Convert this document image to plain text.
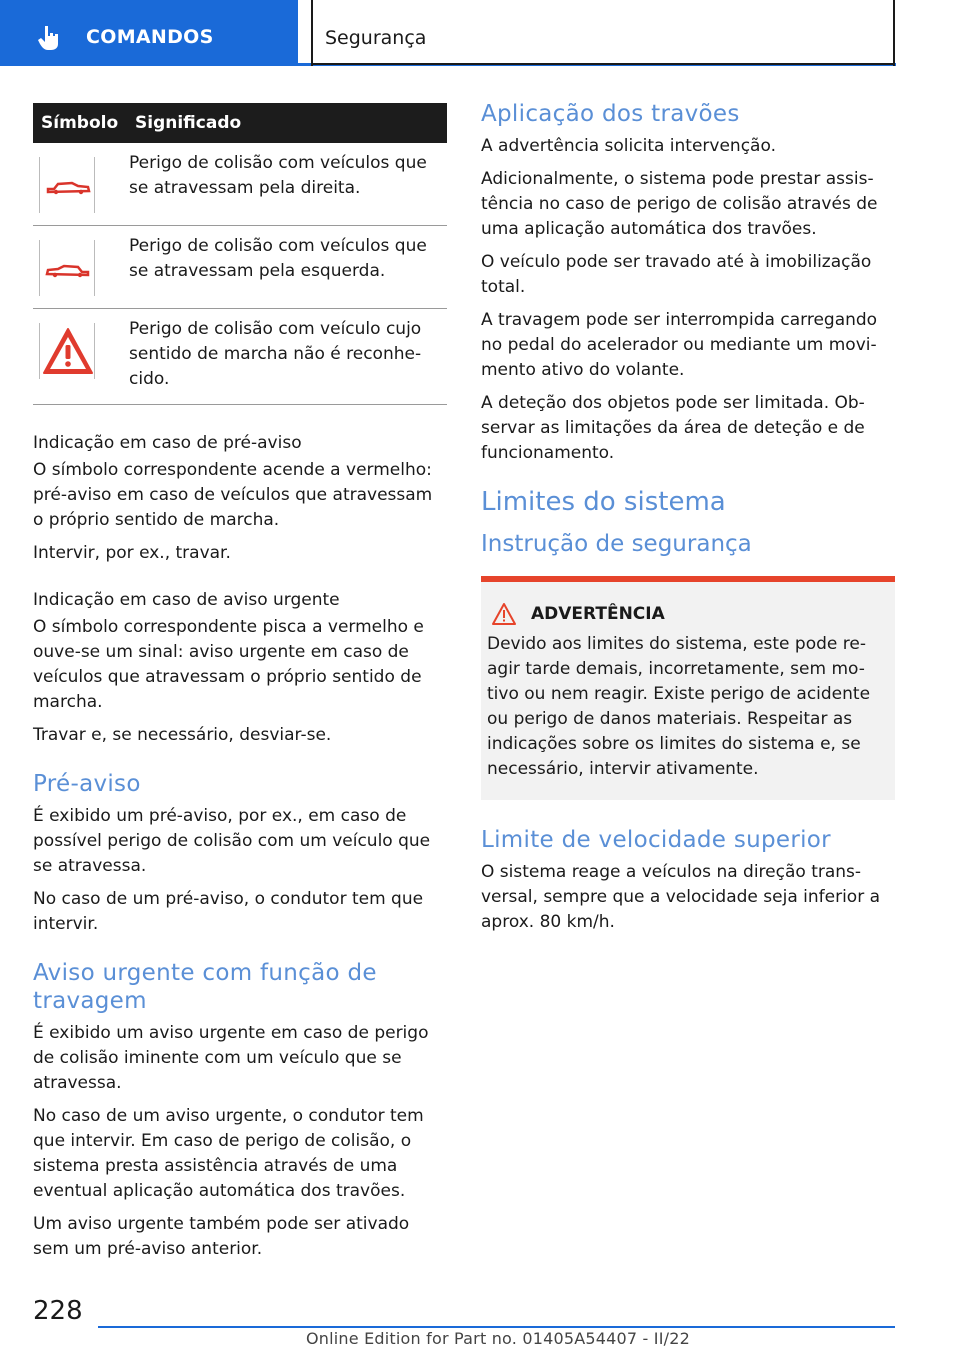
COMANDOS	Segurança
Símbolo	Significado

	Perigo de colisão com veículos que se atravessam pela direita.

	Perigo de colisão com veículos que se atravessam pela esquerda.

	Perigo de colisão com veículo cujo sentido de marcha não é reconhe-cido.
Indicação em caso de pré-aviso

O símbolo correspondente acende a vermelho: pré-aviso em caso de veículos que atravessam o próprio sentido de marcha.

Intervir, por ex., travar.

Indicação em caso de aviso urgente

O símbolo correspondente pisca a vermelho e ouve-se um sinal: aviso urgente em caso de veículos que atravessam o próprio sentido de marcha.

Travar e, se necessário, desviar-se.

Pré-aviso

É exibido um pré-aviso, por ex., em caso de possível perigo de colisão com um veículo que se atravessa.

No caso de um pré-aviso, o condutor tem que intervir.

Aviso urgente com função de travagem

É exibido um aviso urgente em caso de perigo de colisão iminente com um veículo que se atravessa.

No caso de um aviso urgente, o condutor tem que intervir. Em caso de perigo de colisão, o sistema presta assistência através de uma eventual aplicação automática dos travões.

Um aviso urgente também pode ser ativado sem um pré-aviso anterior.

Aplicação dos travões

A advertência solicita intervenção.

Adicionalmente, o sistema pode prestar assis-tência no caso de perigo de colisão através de uma aplicação automática dos travões.

O veículo pode ser travado até à imobilização total.

A travagem pode ser interrompida carregando no pedal do acelerador ou mediante um movi-mento ativo do volante.

A deteção dos objetos pode ser limitada. Ob-servar as limitações da área de deteção e de funcionamento.

Limites do sistema
Instrução de segurança
ADVERTÊNCIA

Devido aos limites do sistema, este pode re-agir tarde demais, incorretamente, sem mo-tivo ou nem reagir. Existe perigo de acidente ou perigo de danos materiais. Respeitar as indicações sobre os limites do sistema e, se necessário, intervir ativamente.

Limite de velocidade superior

O sistema reage a veículos na direção trans-versal, sempre que a velocidade seja inferior a aprox. 80 km/h.

228
Online Edition for Part no. 01405A54407 - II/22
